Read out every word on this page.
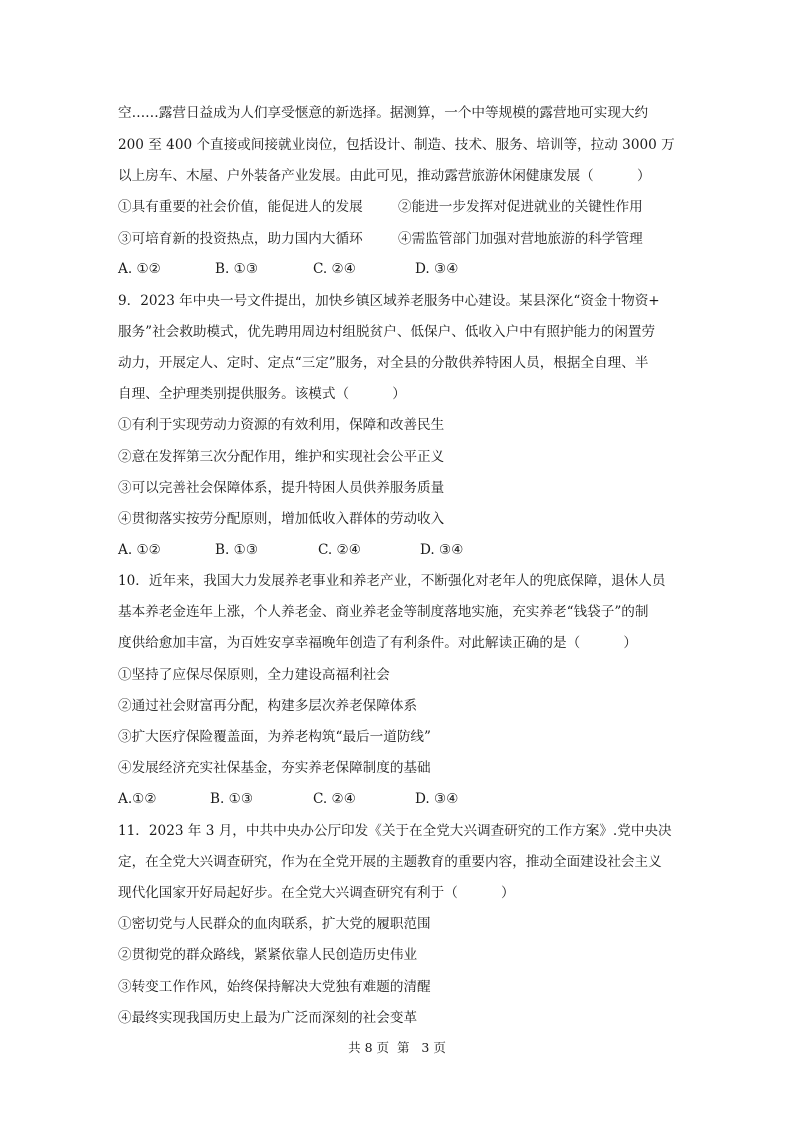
空……露营日益成为人们享受惬意的新选择。据测算，一个中等规模的露营地可实现大约
200 至 400 个直接或间接就业岗位，包括设计、制造、技术、服务、培训等，拉动 3000 万
以上房车、木屋、户外装备产业发展。由此可见，推动露营旅游休闲健康发展（          ）
①具有重要的社会价值，能促进人的发展	②能进一步发挥对促进就业的关键性作用
③可培育新的投资热点，助力国内大循环	④需监管部门加强对营地旅游的科学管理
A. ①②	B. ①③	C. ②④	D. ③④
9．2023 年中央一号文件提出，加快乡镇区域养老服务中心建设。某县深化“资金十物资+
服务”社会救助模式，优先聘用周边村组脱贫户、低保户、低收入户中有照护能力的闲置劳
动力，开展定人、定时、定点“三定”服务，对全县的分散供养特困人员，根据全自理、半
自理、全护理类别提供服务。该模式（          ）
①有利于实现劳动力资源的有效利用，保障和改善民生
②意在发挥第三次分配作用，维护和实现社会公平正义
③可以完善社会保障体系，提升特困人员供养服务质量
④贯彻落实按劳分配原则，增加低收入群体的劳动收入
A. ①②	B. ①③	C. ②④	D. ③④
10．近年来，我国大力发展养老事业和养老产业，不断强化对老年人的兜底保障，退休人员
基本养老金连年上涨，个人养老金、商业养老金等制度落地实施，充实养老“钱袋子”的制
度供给愈加丰富，为百姓安享幸福晚年创造了有利条件。对此解读正确的是（          ）
①坚持了应保尽保原则，全力建设高福利社会
②通过社会财富再分配，构建多层次养老保障体系
③扩大医疗保险覆盖面，为养老构筑“最后一道防线”
④发展经济充实社保基金，夯实养老保障制度的基础
A.①②	B. ①③	C. ②④	D. ③④
11．2023 年 3 月，中共中央办公厅印发《关于在全党大兴调查研究的工作方案》.党中央决
定，在全党大兴调查研究，作为在全党开展的主题教育的重要内容，推动全面建设社会主义
现代化国家开好局起好步。在全党大兴调查研究有利于（          ）
①密切党与人民群众的血肉联系，扩大党的履职范围
②贯彻党的群众路线，紧紧依靠人民创造历史伟业
③转变工作作风，始终保持解决大党独有难题的清醒
④最终实现我国历史上最为广泛而深刻的社会变革
共 8 页  第   3 页
